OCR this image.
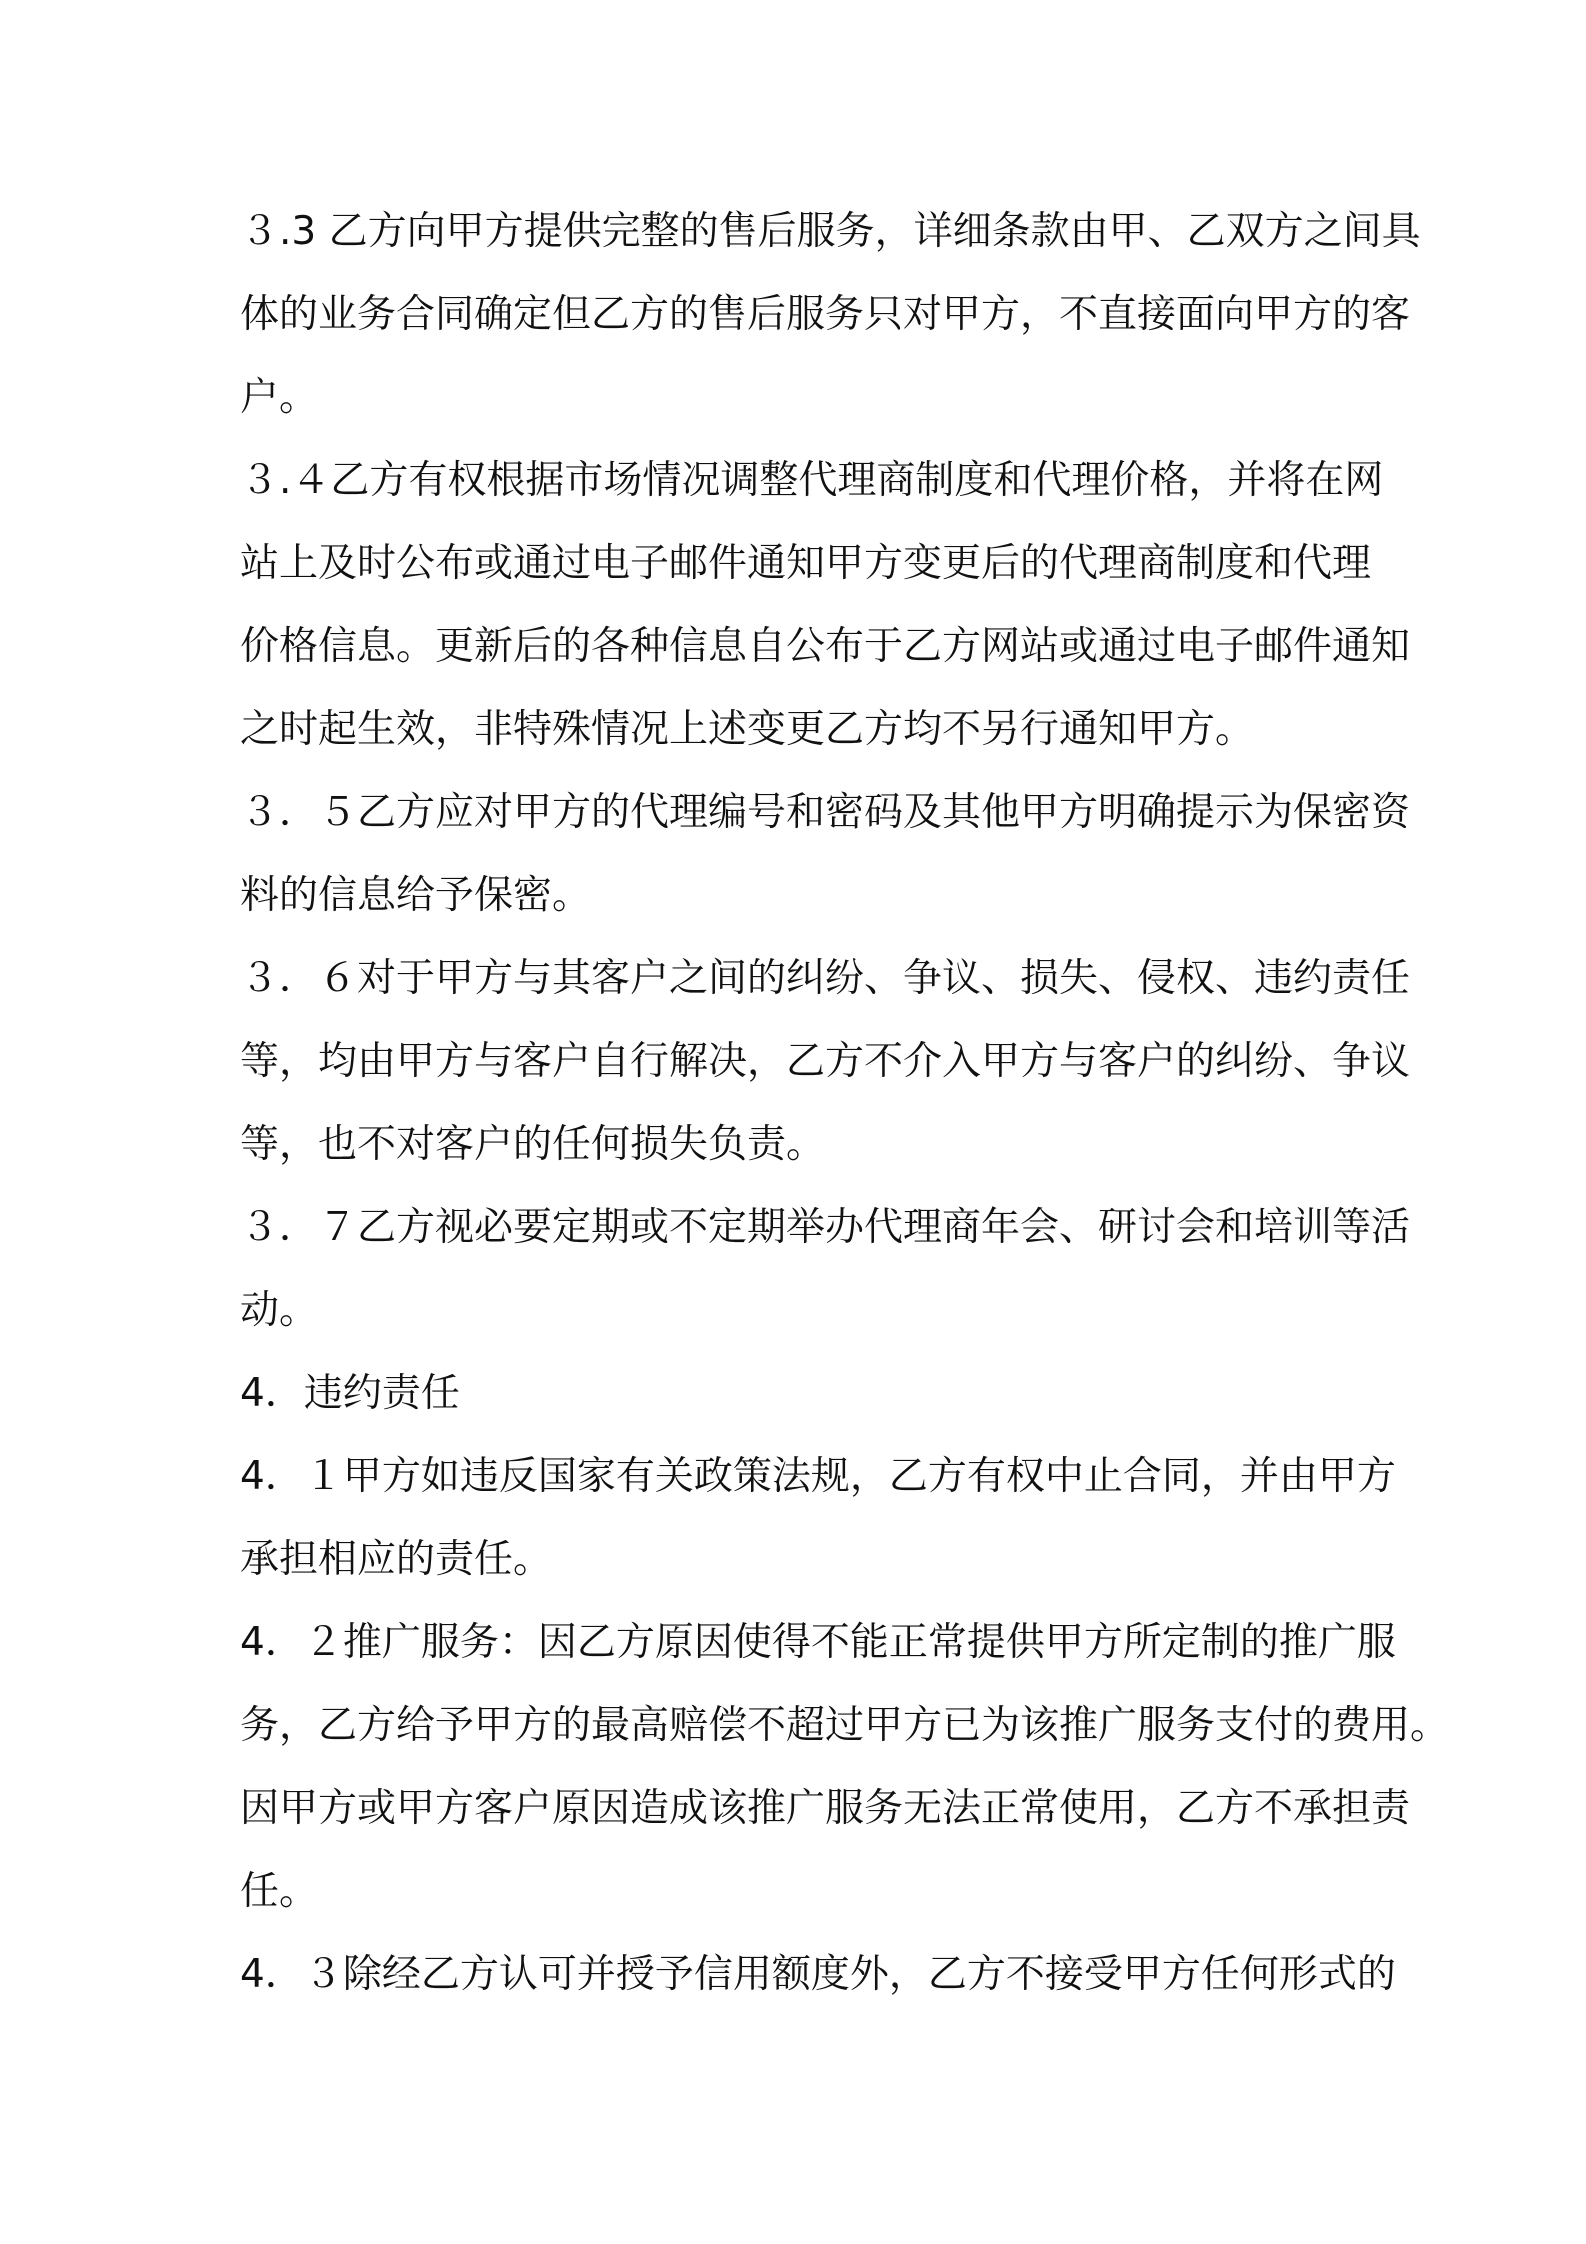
３.3 乙方向甲方提供完整的售后服务，详细条款由甲、乙双方之间具
体的业务合同确定但乙方的售后服务只对甲方，不直接面向甲方的客
户。
３.４乙方有权根据市场情况调整代理商制度和代理价格，并将在网
站上及时公布或通过电子邮件通知甲方变更后的代理商制度和代理
价格信息。更新后的各种信息自公布于乙方网站或通过电子邮件通知
之时起生效，非特殊情况上述变更乙方均不另行通知甲方。
３．５乙方应对甲方的代理编号和密码及其他甲方明确提示为保密资
料的信息给予保密。
３．６对于甲方与其客户之间的纠纷、争议、损失、侵权、违约责任
等，均由甲方与客户自行解决，乙方不介入甲方与客户的纠纷、争议
等，也不对客户的任何损失负责。
３．７乙方视必要定期或不定期举办代理商年会、研讨会和培训等活
动。
4．违约责任
4．１甲方如违反国家有关政策法规，乙方有权中止合同，并由甲方
承担相应的责任。
4．２推广服务：因乙方原因使得不能正常提供甲方所定制的推广服
务，乙方给予甲方的最高赔偿不超过甲方已为该推广服务支付的费用。
因甲方或甲方客户原因造成该推广服务无法正常使用，乙方不承担责
任。
4．３除经乙方认可并授予信用额度外，乙方不接受甲方任何形式的
